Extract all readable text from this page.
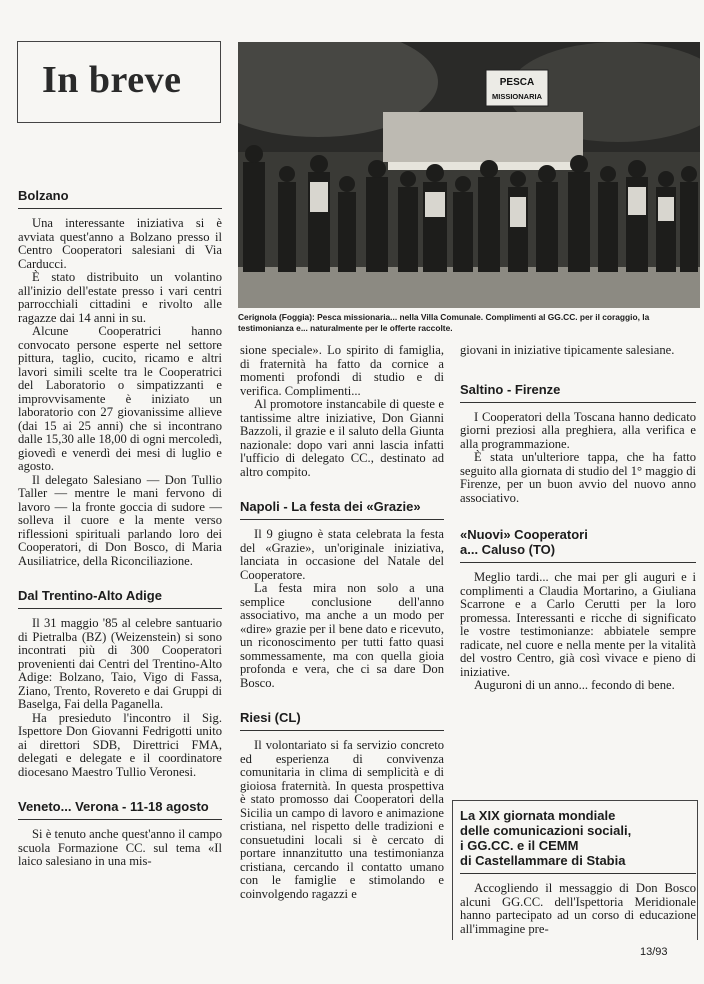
In breve	PESCA
MISSIONARIA
Cerignola (Foggia): Pesca missionaria... nella Villa Comunale. Complimenti al GG.CC. per il coraggio, la testimonianza e... naturalmente per le offerte raccolte.
Bolzano

Una interessante iniziativa si è avviata quest'anno a Bolzano presso il Centro Cooperatori salesiani di Via Carducci.

È stato distribuito un volantino all'inizio dell'estate presso i vari centri parrocchiali cittadini e rivolto alle ragazze dai 14 anni in su.

Alcune Cooperatrici hanno convocato persone esperte nel settore pittura, taglio, cucito, ricamo e altri lavori simili scelte tra le Cooperatrici del Laboratorio o simpatizzanti e improvvisamente è iniziato un laboratorio con 27 giovanissime allieve (dai 15 ai 25 anni) che si incontrano dalle 15,30 alle 18,00 di ogni mercoledì, giovedì e venerdì dei mesi di luglio e agosto.

Il delegato Salesiano — Don Tullio Taller — mentre le mani fervono di lavoro — la fronte goccia di sudore — solleva il cuore e la mente verso riflessioni spirituali parlando loro dei Cooperatori, di Don Bosco, di Maria Ausiliatrice, della Riconciliazione.

Dal Trentino-Alto Adige

Il 31 maggio '85 al celebre santuario di Pietralba (BZ) (Weizenstein) si sono incontrati più di 300 Cooperatori provenienti dai Centri del Trentino-Alto Adige: Bolzano, Taio, Vigo di Fassa, Ziano, Trento, Rovereto e dai Gruppi di Baselga, Fai della Paganella.

Ha presieduto l'incontro il Sig. Ispettore Don Giovanni Fedrigotti unito ai direttori SDB, Direttrici FMA, delegati e delegate e il coordinatore diocesano Maestro Tullio Veronesi.

Veneto... Verona - 11-18 agosto

Si è tenuto anche quest'anno il campo scuola Formazione CC. sul tema «Il laico salesiano in una mis-

sione speciale». Lo spirito di famiglia, di fraternità ha fatto da cornice a momenti profondi di studio e di verifica. Complimenti...

Al promotore instancabile di queste e tantissime altre iniziative, Don Gianni Bazzoli, il grazie e il saluto della Giunta nazionale: dopo vari anni lascia infatti l'ufficio di delegato CC., destinato ad altro compito.

Napoli - La festa dei «Grazie»

Il 9 giugno è stata celebrata la festa del «Grazie», un'originale iniziativa, lanciata in occasione del Natale del Cooperatore.

La festa mira non solo a una semplice conclusione dell'anno associativo, ma anche a un modo per «dire» grazie per il bene dato e ricevuto, un riconoscimento per tutti fatto quasi sommessamente, ma con quella gioia profonda e vera, che ci sa dare Don Bosco.

Riesi (CL)

Il volontariato si fa servizio concreto ed esperienza di convivenza comunitaria in clima di semplicità e di gioiosa fraternità. In questa prospettiva è stato promosso dai Cooperatori della Sicilia un campo di lavoro e animazione cristiana, nel rispetto delle tradizioni e consuetudini locali si è cercato di portare innanzitutto una testimonianza cristiana, cercando il contatto umano con le famiglie e stimolando e coinvolgendo ragazzi e

giovani in iniziative tipicamente salesiane.

Saltino - Firenze

I Cooperatori della Toscana hanno dedicato giorni preziosi alla preghiera, alla verifica e alla programmazione.

È stata un'ulteriore tappa, che ha fatto seguito alla giornata di studio del 1° maggio di Firenze, per un buon avvio del nuovo anno associativo.

«Nuovi» Cooperatori
a... Caluso (TO)

Meglio tardi... che mai per gli auguri e i complimenti a Claudia Mortarino, a Giuliana Scarrone e a Carlo Cerutti per la loro promessa. Interessanti e ricche di significato le vostre testimonianze: abbiatele sempre radicate, nel cuore e nella mente per la vitalità del vostro Centro, già così vivace e pieno di iniziative.

Auguroni di un anno... fecondo di bene.

La XIX giornata mondiale
delle comunicazioni sociali,
i GG.CC. e il CEMM
di Castellammare di Stabia

Accogliendo il messaggio di Don Bosco alcuni GG.CC. dell'Ispettoria Meridionale hanno partecipato ad un corso di educazione all'immagine pre-

13/93
